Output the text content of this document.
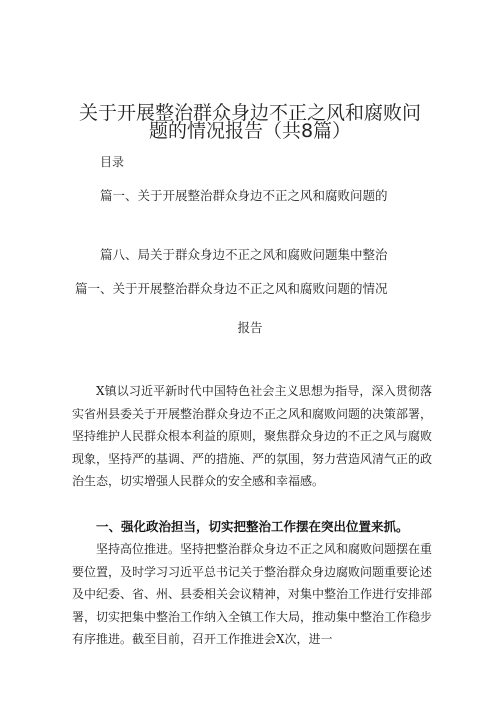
关于开展整治群众身边不正之风和腐败问
题的情况报告（共8篇）
目录
篇一、关于开展整治群众身边不正之风和腐败问题的
篇八、局关于群众身边不正之风和腐败问题集中整治
篇一、关于开展整治群众身边不正之风和腐败问题的情况
报告

X镇以习近平新时代中国特色社会主义思想为指导，深入贯彻落实省州县委关于开展整治群众身边不正之风和腐败问题的决策部署，坚持维护人民群众根本利益的原则，聚焦群众身边的不正之风与腐败现象，坚持严的基调、严的措施、严的氛围，努力营造风清气正的政治生态，切实增强人民群众的安全感和幸福感。

一、强化政治担当，切实把整治工作摆在突出位置来抓。

坚持高位推进。坚持把整治群众身边不正之风和腐败问题摆在重要位置，及时学习习近平总书记关于整治群众身边腐败问题重要论述及中纪委、省、州、县委相关会议精神，对集中整治工作进行安排部署，切实把集中整治工作纳入全镇工作大局，推动集中整治工作稳步有序推进。截至目前，召开工作推进会X次，进一
